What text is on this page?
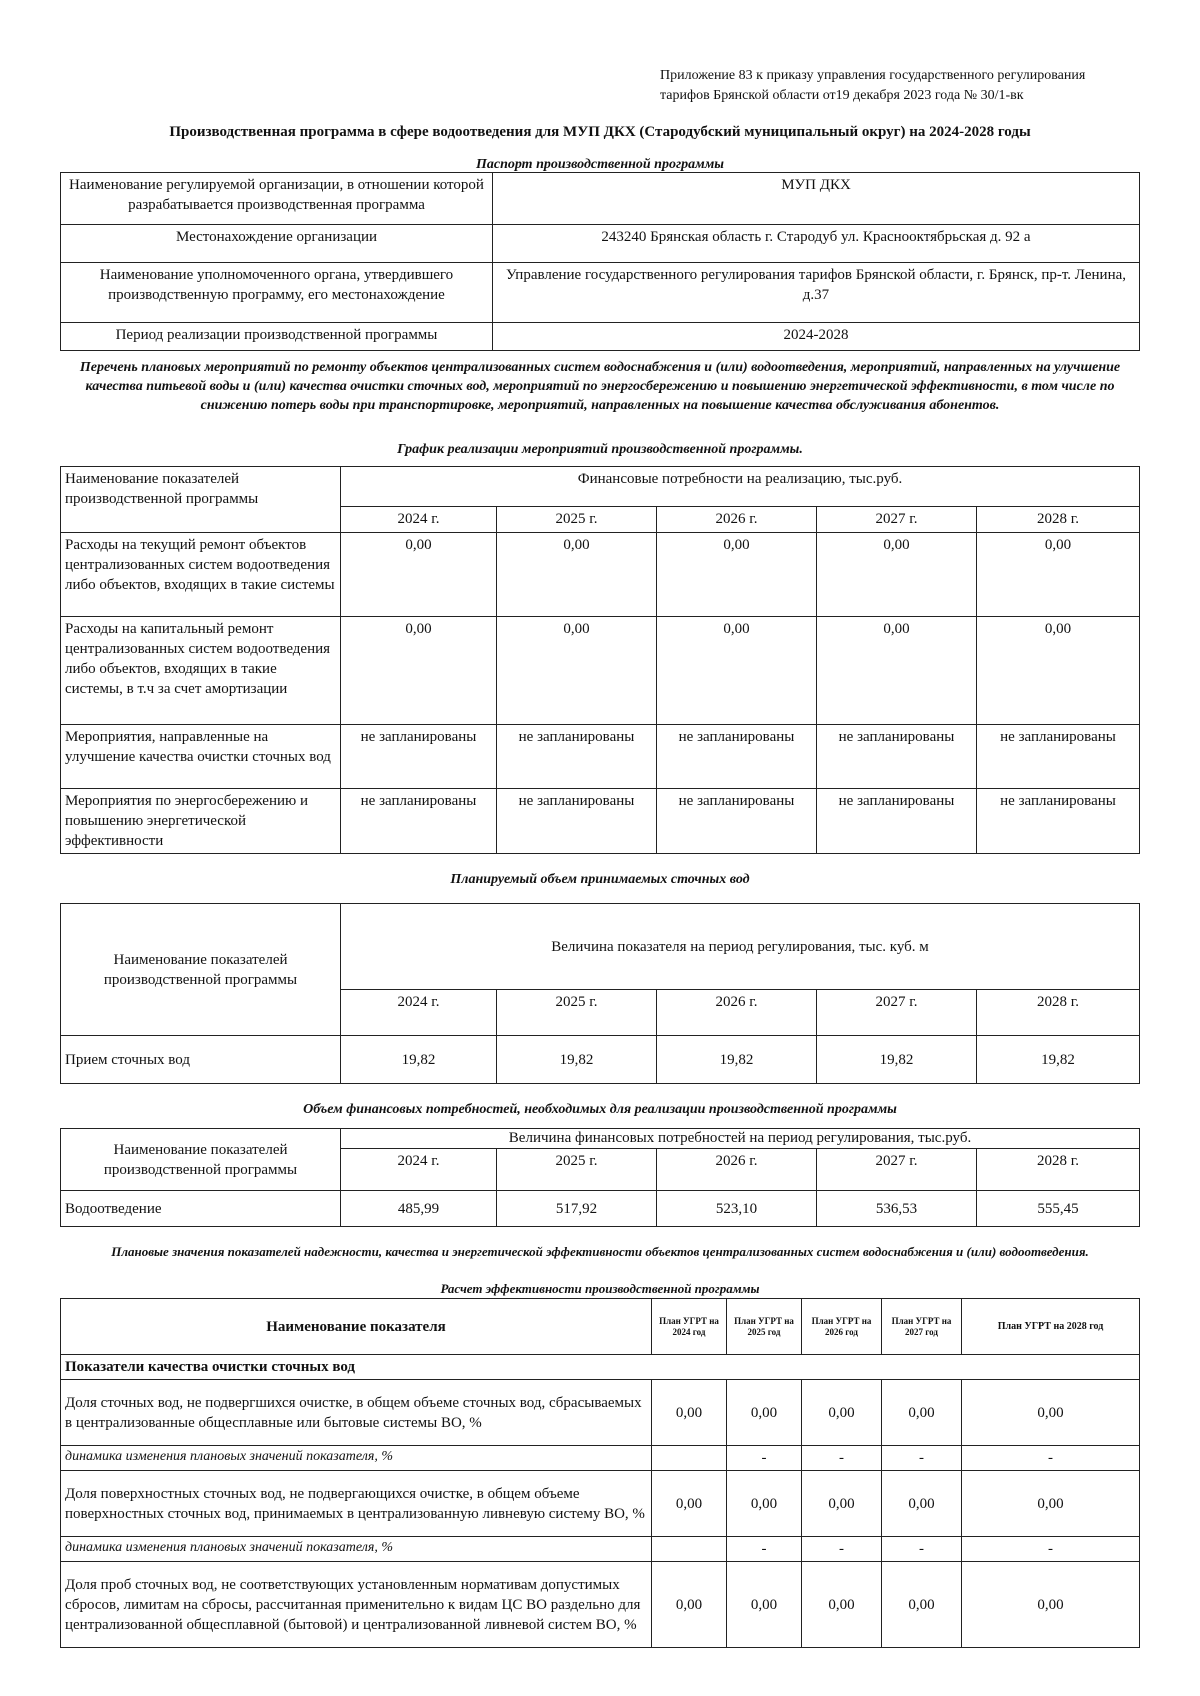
Приложение 83 к приказу управления государственного регулирования
тарифов Брянской области от19 декабря 2023 года № 30/1-вк
Производственная программа в сфере водоотведения для МУП ДКХ (Стародубский муниципальный округ) на 2024-2028 годы
Паспорт производственной программы
Наименование регулируемой организации, в отношении которой разрабатывается производственная программа	МУП ДКХ
Местонахождение организации	243240 Брянская область г. Стародуб ул. Краснооктябрьская д. 92 а
Наименование уполномоченного органа, утвердившего производственную программу, его местонахождение	Управление государственного регулирования тарифов Брянской области, г. Брянск, пр-т. Ленина, д.37
Период реализации производственной программы	2024-2028
Перечень плановых мероприятий по ремонту объектов централизованных систем водоснабжения и (или) водоотведения, мероприятий, направленных на улучшение качества питьевой воды и (или) качества очистки сточных вод, мероприятий по энергосбережению и повышению энергетической эффективности, в том числе по снижению потерь воды при транспортировке, мероприятий, направленных на повышение качества обслуживания абонентов.
График реализации мероприятий производственной программы.
Наименование показателей производственной программы	Финансовые потребности на реализацию, тыс.руб.				
	2024 г.	2025 г.	2026 г.	2027 г.	2028 г.
Расходы на текущий ремонт объектов централизованных систем водоотведения либо объектов, входящих в такие системы	0,00	0,00	0,00	0,00	0,00
Расходы на капитальный ремонт централизованных систем водоотведения либо объектов, входящих в такие системы, в т.ч за счет амортизации	0,00	0,00	0,00	0,00	0,00
Мероприятия, направленные на улучшение качества очистки сточных вод	не запланированы	не запланированы	не запланированы	не запланированы	не запланированы
Мероприятия по энергосбережению и повышению энергетической эффективности	не запланированы	не запланированы	не запланированы	не запланированы	не запланированы
Планируемый объем принимаемых сточных вод
Наименование показателей производственной программы	Величина показателя на период регулирования, тыс. куб. м				
	2024 г.	2025 г.	2026 г.	2027 г.	2028 г.
Прием сточных вод	19,82	19,82	19,82	19,82	19,82
Объем финансовых потребностей, необходимых для реализации производственной программы
Наименование показателей производственной программы	Величина финансовых потребностей на период регулирования, тыс.руб.				
	2024 г.	2025 г.	2026 г.	2027 г.	2028 г.
Водоотведение	485,99	517,92	523,10	536,53	555,45
Плановые значения показателей надежности, качества и энергетической эффективности объектов централизованных систем водоснабжения и (или) водоотведения.
Расчет эффективности производственной программы
Наименование показателя	План УГРТ на 2024 год	План УГРТ на 2025 год	План УГРТ на 2026 год	План УГРТ на 2027 год	План УГРТ на 2028 год
Показатели качества очистки сточных вод					
Доля сточных вод, не подвергшихся очистке, в общем объеме сточных вод, сбрасываемых в централизованные общесплавные или бытовые системы ВО, %	0,00	0,00	0,00	0,00	0,00
динамика изменения плановых значений показателя, %		-	-	-	-
Доля поверхностных сточных вод, не подвергающихся очистке, в общем объеме поверхностных сточных вод, принимаемых в централизованную ливневую систему ВО, %	0,00	0,00	0,00	0,00	0,00
динамика изменения плановых значений показателя, %		-	-	-	-
Доля проб сточных вод, не соответствующих установленным нормативам допустимых сбросов, лимитам на сбросы, рассчитанная применительно к видам ЦС ВО раздельно для централизованной общесплавной (бытовой) и централизованной ливневой систем ВО, %	0,00	0,00	0,00	0,00	0,00
